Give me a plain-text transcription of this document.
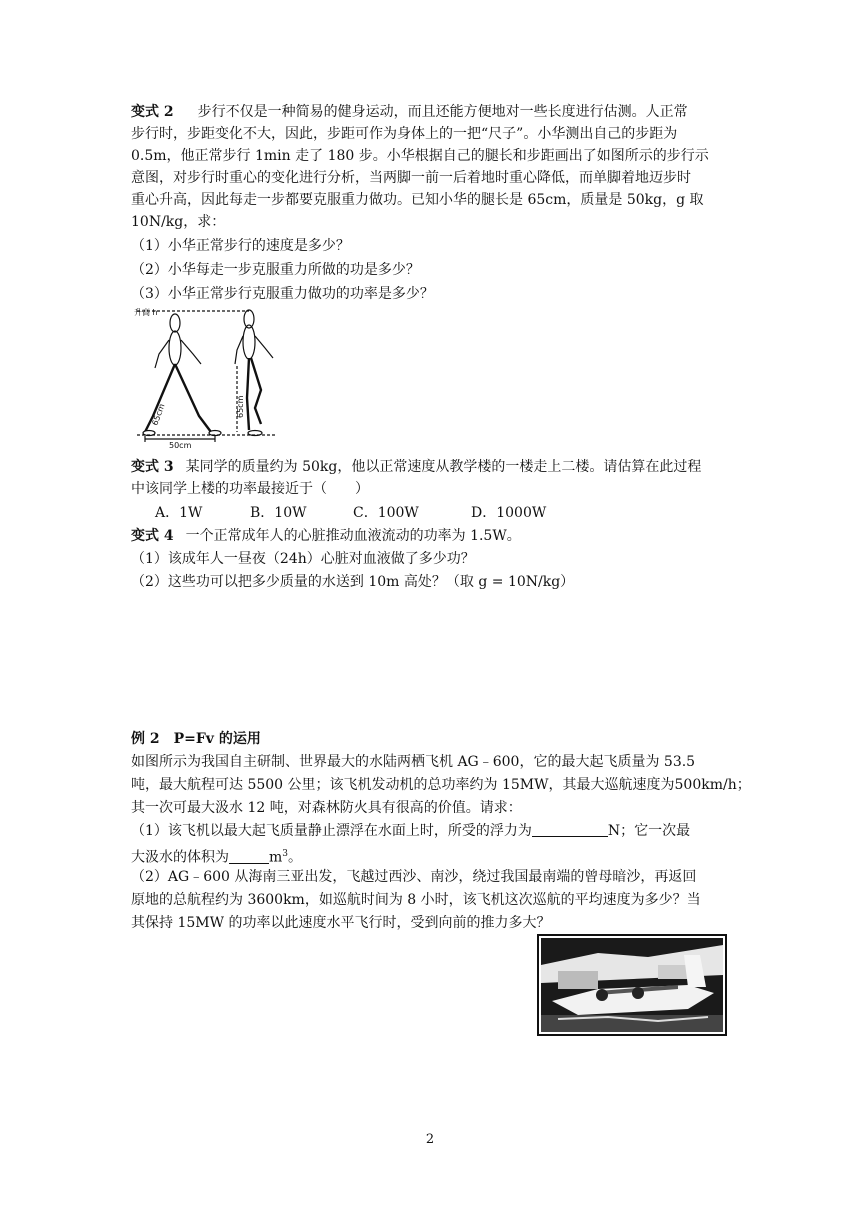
变式 2 步行不仅是一种简易的健身运动，而且还能方便地对一些长度进行估测。人正常
步行时，步距变化不大，因此，步距可作为身体上的一把“尺子”。小华测出自己的步距为
0.5m，他正常步行 1min 走了 180 步。小华根据自己的腿长和步距画出了如图所示的步行示
意图，对步行时重心的变化进行分析，当两脚一前一后着地时重心降低，而单脚着地迈步时
重心升高，因此每走一步都要克服重力做功。已知小华的腿长是 65cm，质量是 50kg，g 取
10N/kg，求：
（1）小华正常步行的速度是多少？
（2）小华每走一步克服重力所做的功是多少？
（3）小华正常步行克服重力做功的功率是多少？
升高 h
65cm	65cm
50cm
变式 3 某同学的质量约为 50kg，他以正常速度从教学楼的一楼走上二楼。请估算在此过程
中该同学上楼的功率最接近于（　　）
A．1W	B．10W	C．100W	D．1000W
变式 4 一个正常成年人的心脏推动血液流动的功率为 1.5W。
（1）该成年人一昼夜（24h）心脏对血液做了多少功？
（2）这些功可以把多少质量的水送到 10m 高处？（取 g = 10N/kg）
例 2　P=Fv 的运用
如图所示为我国自主研制、世界最大的水陆两栖飞机 AG﹣600，它的最大起飞质量为 53.5
吨，最大航程可达 5500 公里；该飞机发动机的总功率约为 15MW，其最大巡航速度为500km/h；
其一次可最大汲水 12 吨，对森林防火具有很高的价值。请求：
（1）该飞机以最大起飞质量静止漂浮在水面上时，所受的浮力为	N；它一次最
大汲水的体积为	$m^3$。
（2）AG﹣600 从海南三亚出发，飞越过西沙、南沙，绕过我国最南端的曾母暗沙，再返回
原地的总航程约为 3600km，如巡航时间为 8 小时，该飞机这次巡航的平均速度为多少？当
其保持 15MW 的功率以此速度水平飞行时，受到向前的推力多大？
2
